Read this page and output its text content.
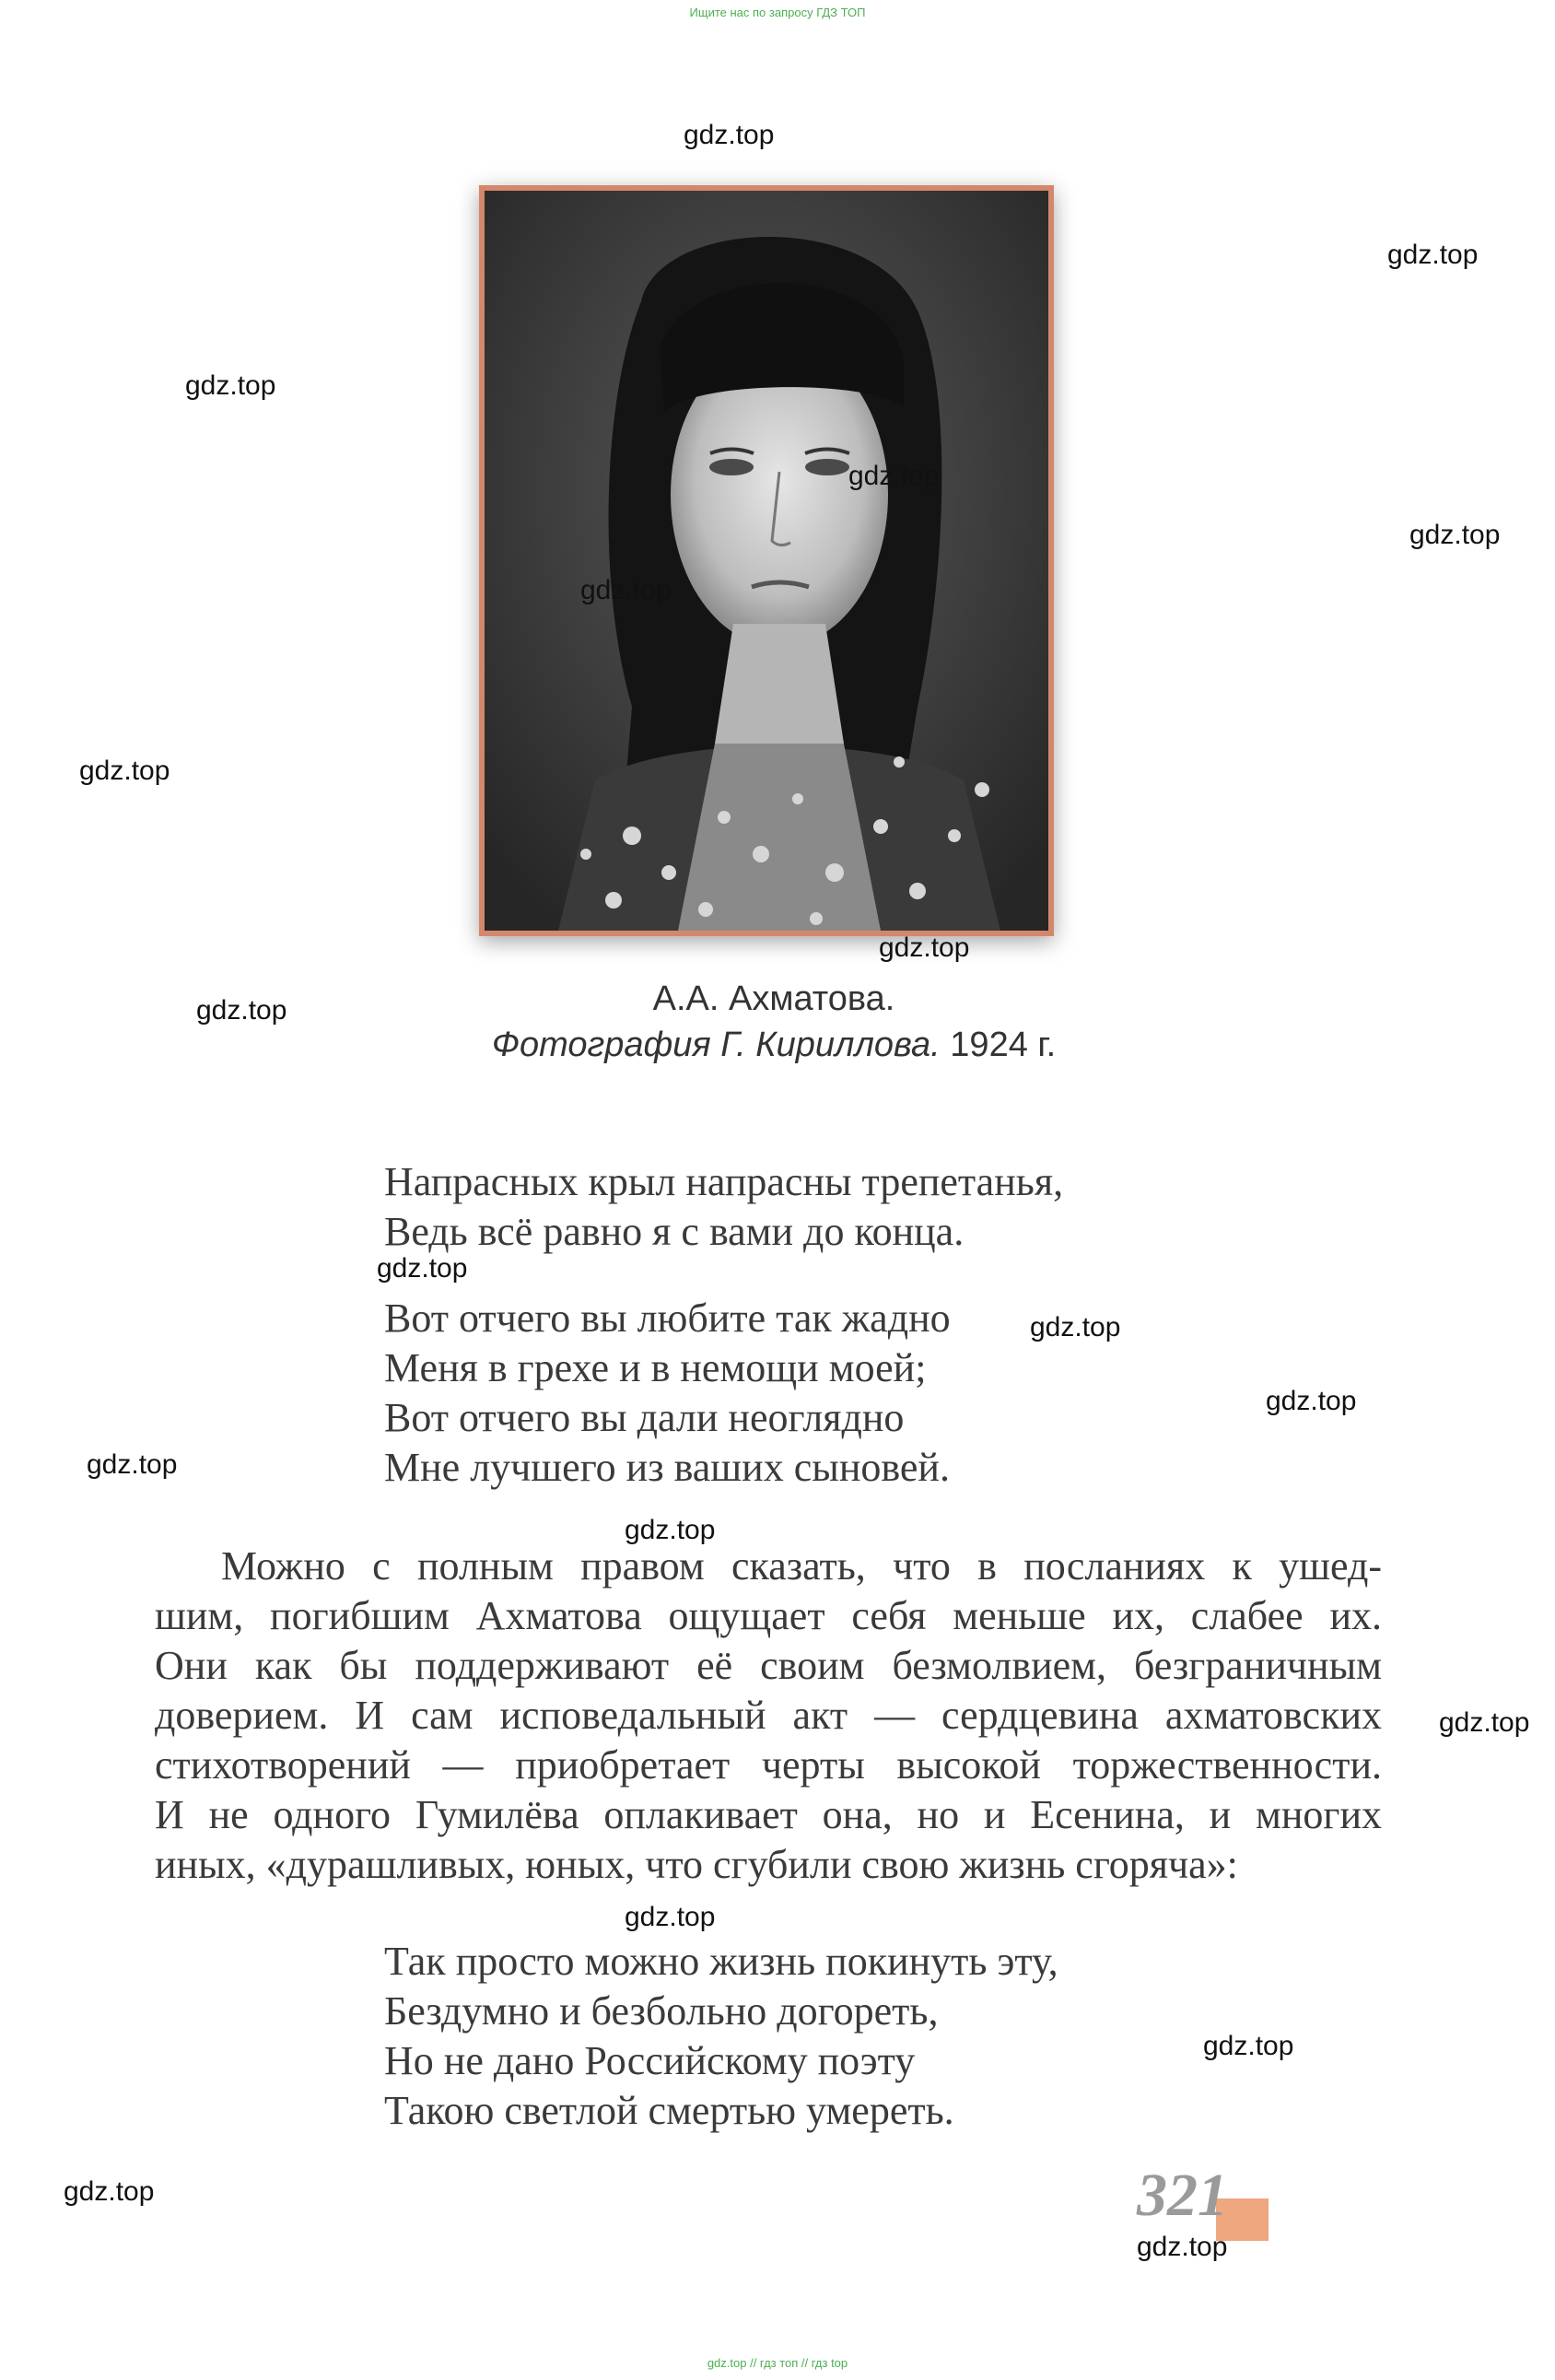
Ищите нас по запросу ГДЗ ТОП
А.А. Ахматова.
Фотография Г. Кириллова. 1924 г.
Напрасных крыл напрасны трепетанья,
Ведь всё равно я с вами до конца.
Вот отчего вы любите так жадно
Меня в грехе и в немощи моей;
Вот отчего вы дали неоглядно
Мне лучшего из ваших сыновей.
Можно с полным правом сказать, что в посланиях к ушед-
шим, погибшим Ахматова ощущает себя меньше их, слабее их.
Они как бы поддерживают её своим безмолвием, безграничным
доверием. И сам исповедальный акт — сердцевина ахматовских
стихотворений — приобретает черты высокой торжественности.
И не одного Гумилёва оплакивает она, но и Есенина, и многих
иных, «дурашливых, юных, что сгубили свою жизнь сгоряча»:
Так просто можно жизнь покинуть эту,
Бездумно и безбольно догореть,
Но не дано Российскому поэту
Такою светлой смертью умереть.
321
gdz.top
gdz.top
gdz.top
gdz.top
gdz.top
gdz.top
gdz.top
gdz.top
gdz.top
gdz.top
gdz.top
gdz.top
gdz.top
gdz.top
gdz.top
gdz.top
gdz.top
gdz.top
gdz.top
gdz.top // гдз топ // гдз top
